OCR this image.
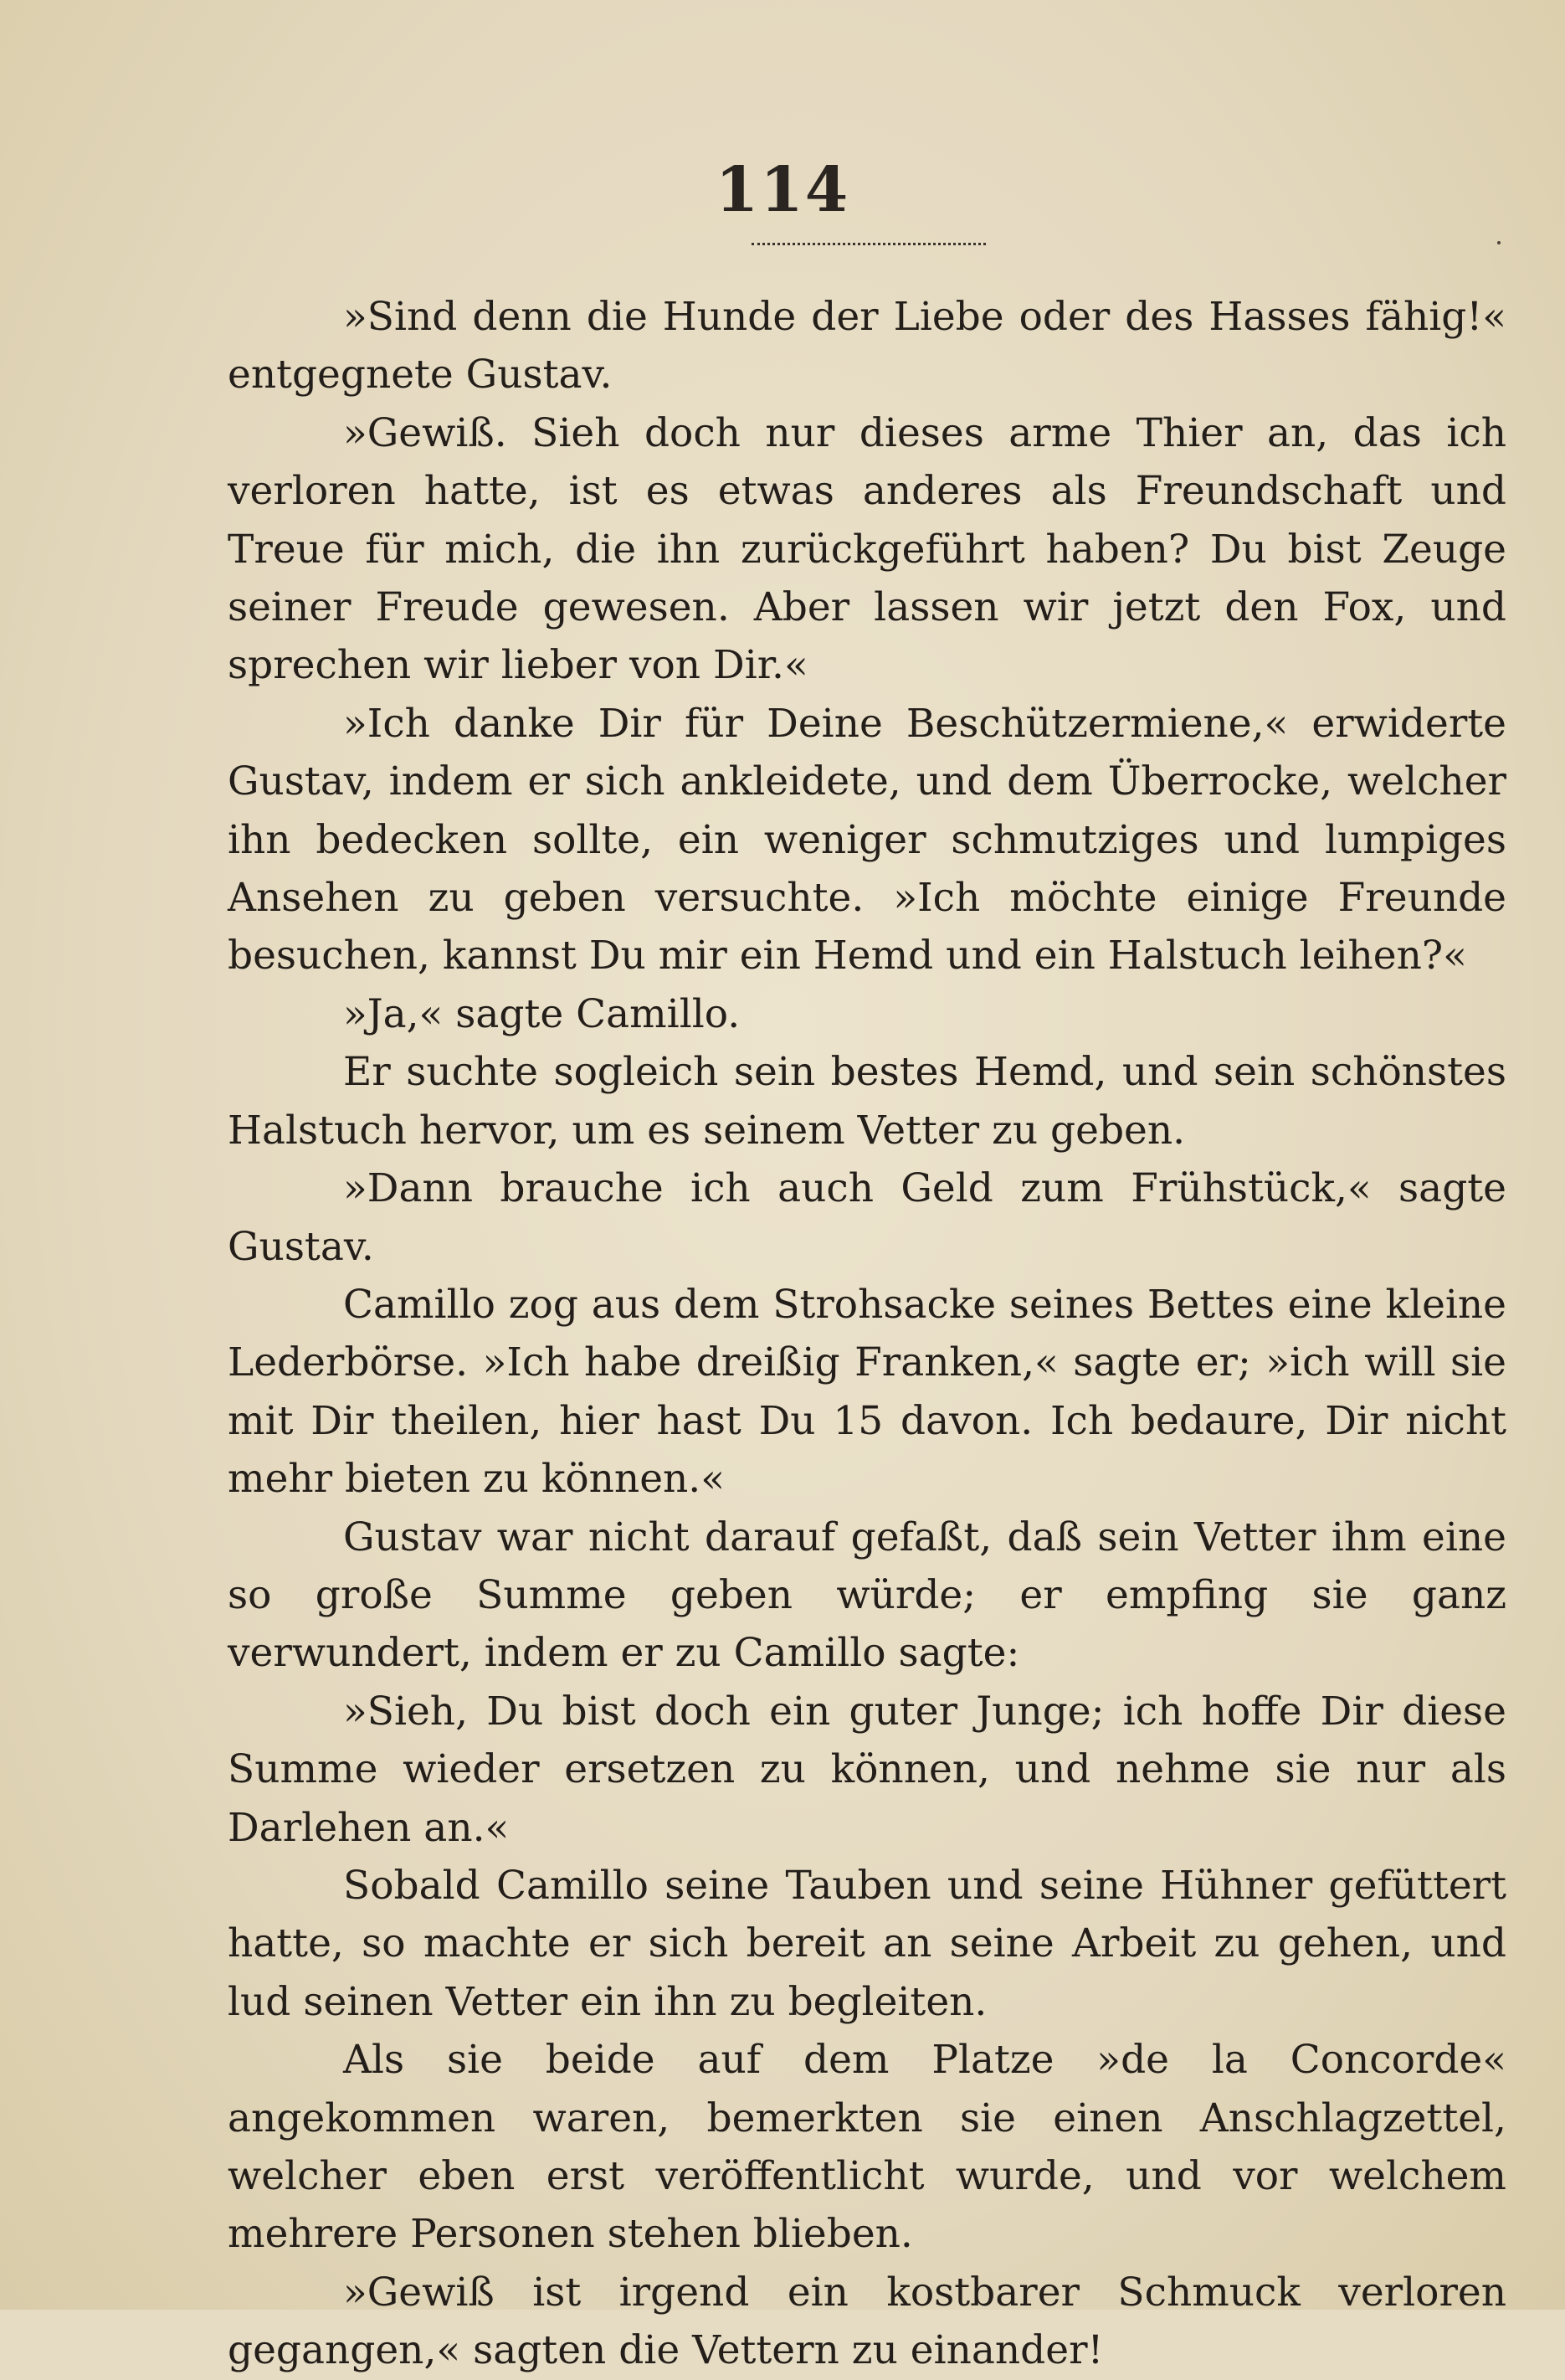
114

»Sind denn die Hunde der Liebe oder des Hasses fähig!« entgegnete Gustav.

»Gewiß. Sieh doch nur dieses arme Thier an, das ich verloren hatte, ist es etwas anderes als Freundschaft und Treue für mich, die ihn zurückgeführt haben? Du bist Zeuge seiner Freude gewesen. Aber lassen wir jetzt den Fox, und sprechen wir lieber von Dir.«

»Ich danke Dir für Deine Beschützermiene,« erwiderte Gustav, indem er sich ankleidete, und dem Überrocke, welcher ihn bedecken sollte, ein weniger schmutziges und lumpiges Ansehen zu geben versuchte. »Ich möchte einige Freunde besuchen, kannst Du mir ein Hemd und ein Halstuch leihen?«

»Ja,« sagte Camillo.

Er suchte sogleich sein bestes Hemd, und sein schönstes Halstuch hervor, um es seinem Vetter zu geben.

»Dann brauche ich auch Geld zum Frühstück,« sagte Gustav.

Camillo zog aus dem Strohsacke seines Bettes eine kleine Lederbörse. »Ich habe dreißig Franken,« sagte er; »ich will sie mit Dir theilen, hier hast Du 15 davon. Ich bedaure, Dir nicht mehr bieten zu können.«

Gustav war nicht darauf gefaßt, daß sein Vetter ihm eine so große Summe geben würde; er empfing sie ganz verwundert, indem er zu Camillo sagte:

»Sieh, Du bist doch ein guter Junge; ich hoffe Dir diese Summe wieder ersetzen zu können, und nehme sie nur als Darlehen an.«

Sobald Camillo seine Tauben und seine Hühner gefüttert hatte, so machte er sich bereit an seine Arbeit zu gehen, und lud seinen Vetter ein ihn zu begleiten.

Als sie beide auf dem Platze »de la Concorde« angekommen waren, bemerkten sie einen Anschlagzettel, welcher eben erst veröffentlicht wurde, und vor welchem mehrere Personen stehen blieben.

»Gewiß ist irgend ein kostbarer Schmuck verloren gegangen,« sagten die Vettern zu einander!
